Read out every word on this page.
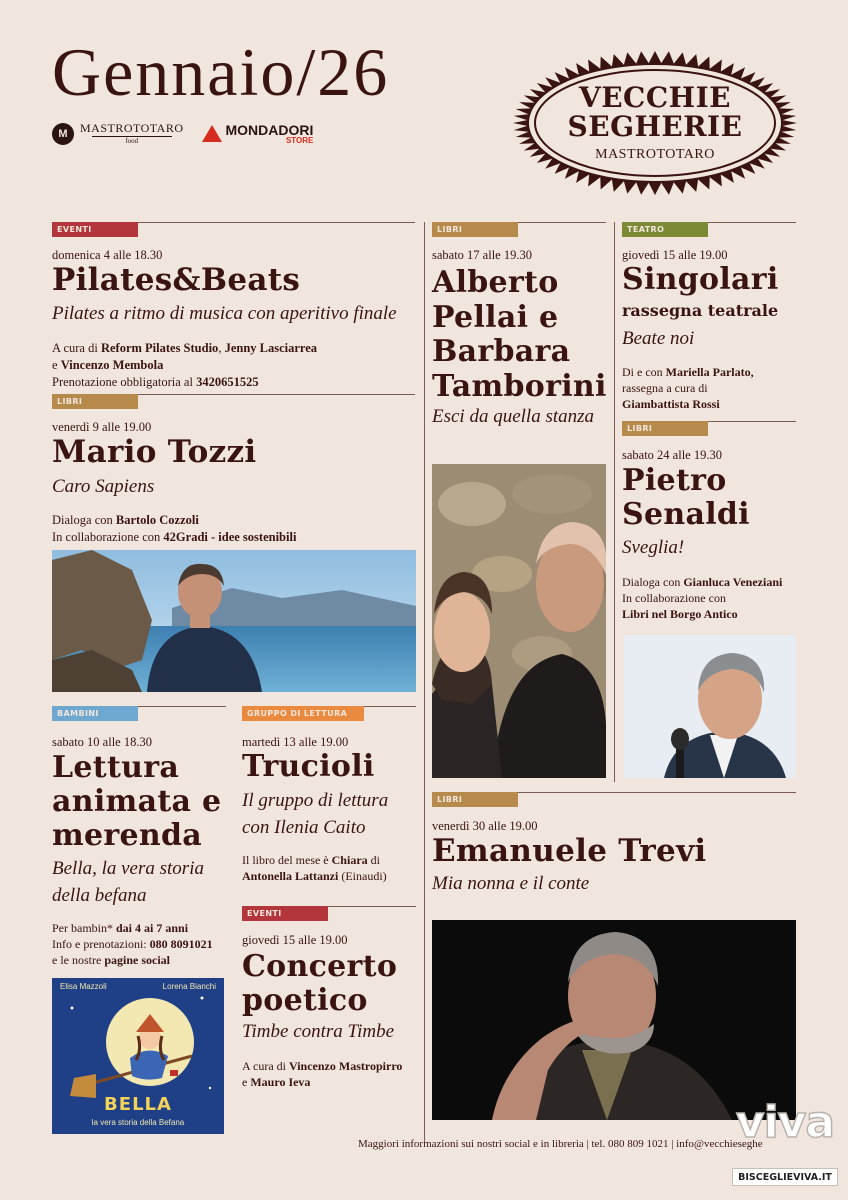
Gennaio/26
M	MASTROTOTARO
food
MONDADORI
STORE
VECCHIE
SEGHERIE
MASTROTOTARO
EVENTI
domenica 4 alle 18.30
Pilates&Beats
Pilates a ritmo di musica con aperitivo finale
A cura di Reform Pilates Studio, Jenny Lasciarrea
e Vincenzo Membola
Prenotazione obbligatoria al 3420651525
LIBRI
venerdì 9 alle 19.00
Mario Tozzi
Caro Sapiens
Dialoga con Bartolo Cozzoli
In collaborazione con 42Gradi - idee sostenibili
BAMBINI
sabato 10 alle 18.30
Lettura
animata e
merenda
Bella, la vera storia
della befana
Per bambin* dai 4 ai 7 anni
Info e prenotazioni: 080 8091021
e le nostre pagine social
Elisa Mazzoli	Lorena Bianchi
BELLA
la vera storia della Befana
GRUPPO DI LETTURA
martedì 13 alle 19.00
Trucioli
Il gruppo di lettura
con Ilenia Caito
Il libro del mese è Chiara di
Antonella Lattanzi (Einaudi)
EVENTI
giovedì 15 alle 19.00
Concerto
poetico
Timbe contra Timbe
A cura di Vincenzo Mastropirro
e Mauro Ieva
LIBRI
sabato 17 alle 19.30
Alberto
Pellai e
Barbara
Tamborini
Esci da quella stanza
TEATRO
giovedì 15 alle 19.00
Singolari
rassegna teatrale
Beate noi
Di e con Mariella Parlato,
rassegna a cura di
Giambattista Rossi
LIBRI
sabato 24 alle 19.30
Pietro
Senaldi
Sveglia!
Dialoga con Gianluca Veneziani
In collaborazione con
Libri nel Borgo Antico
LIBRI
venerdì 30 alle 19.00
Emanuele Trevi
Mia nonna e il conte
Maggiori informazioni sui nostri social e in libreria | tel. 080 809 1021 | info@vecchieseghe
viva
BISCEGLIEVIVA.IT
